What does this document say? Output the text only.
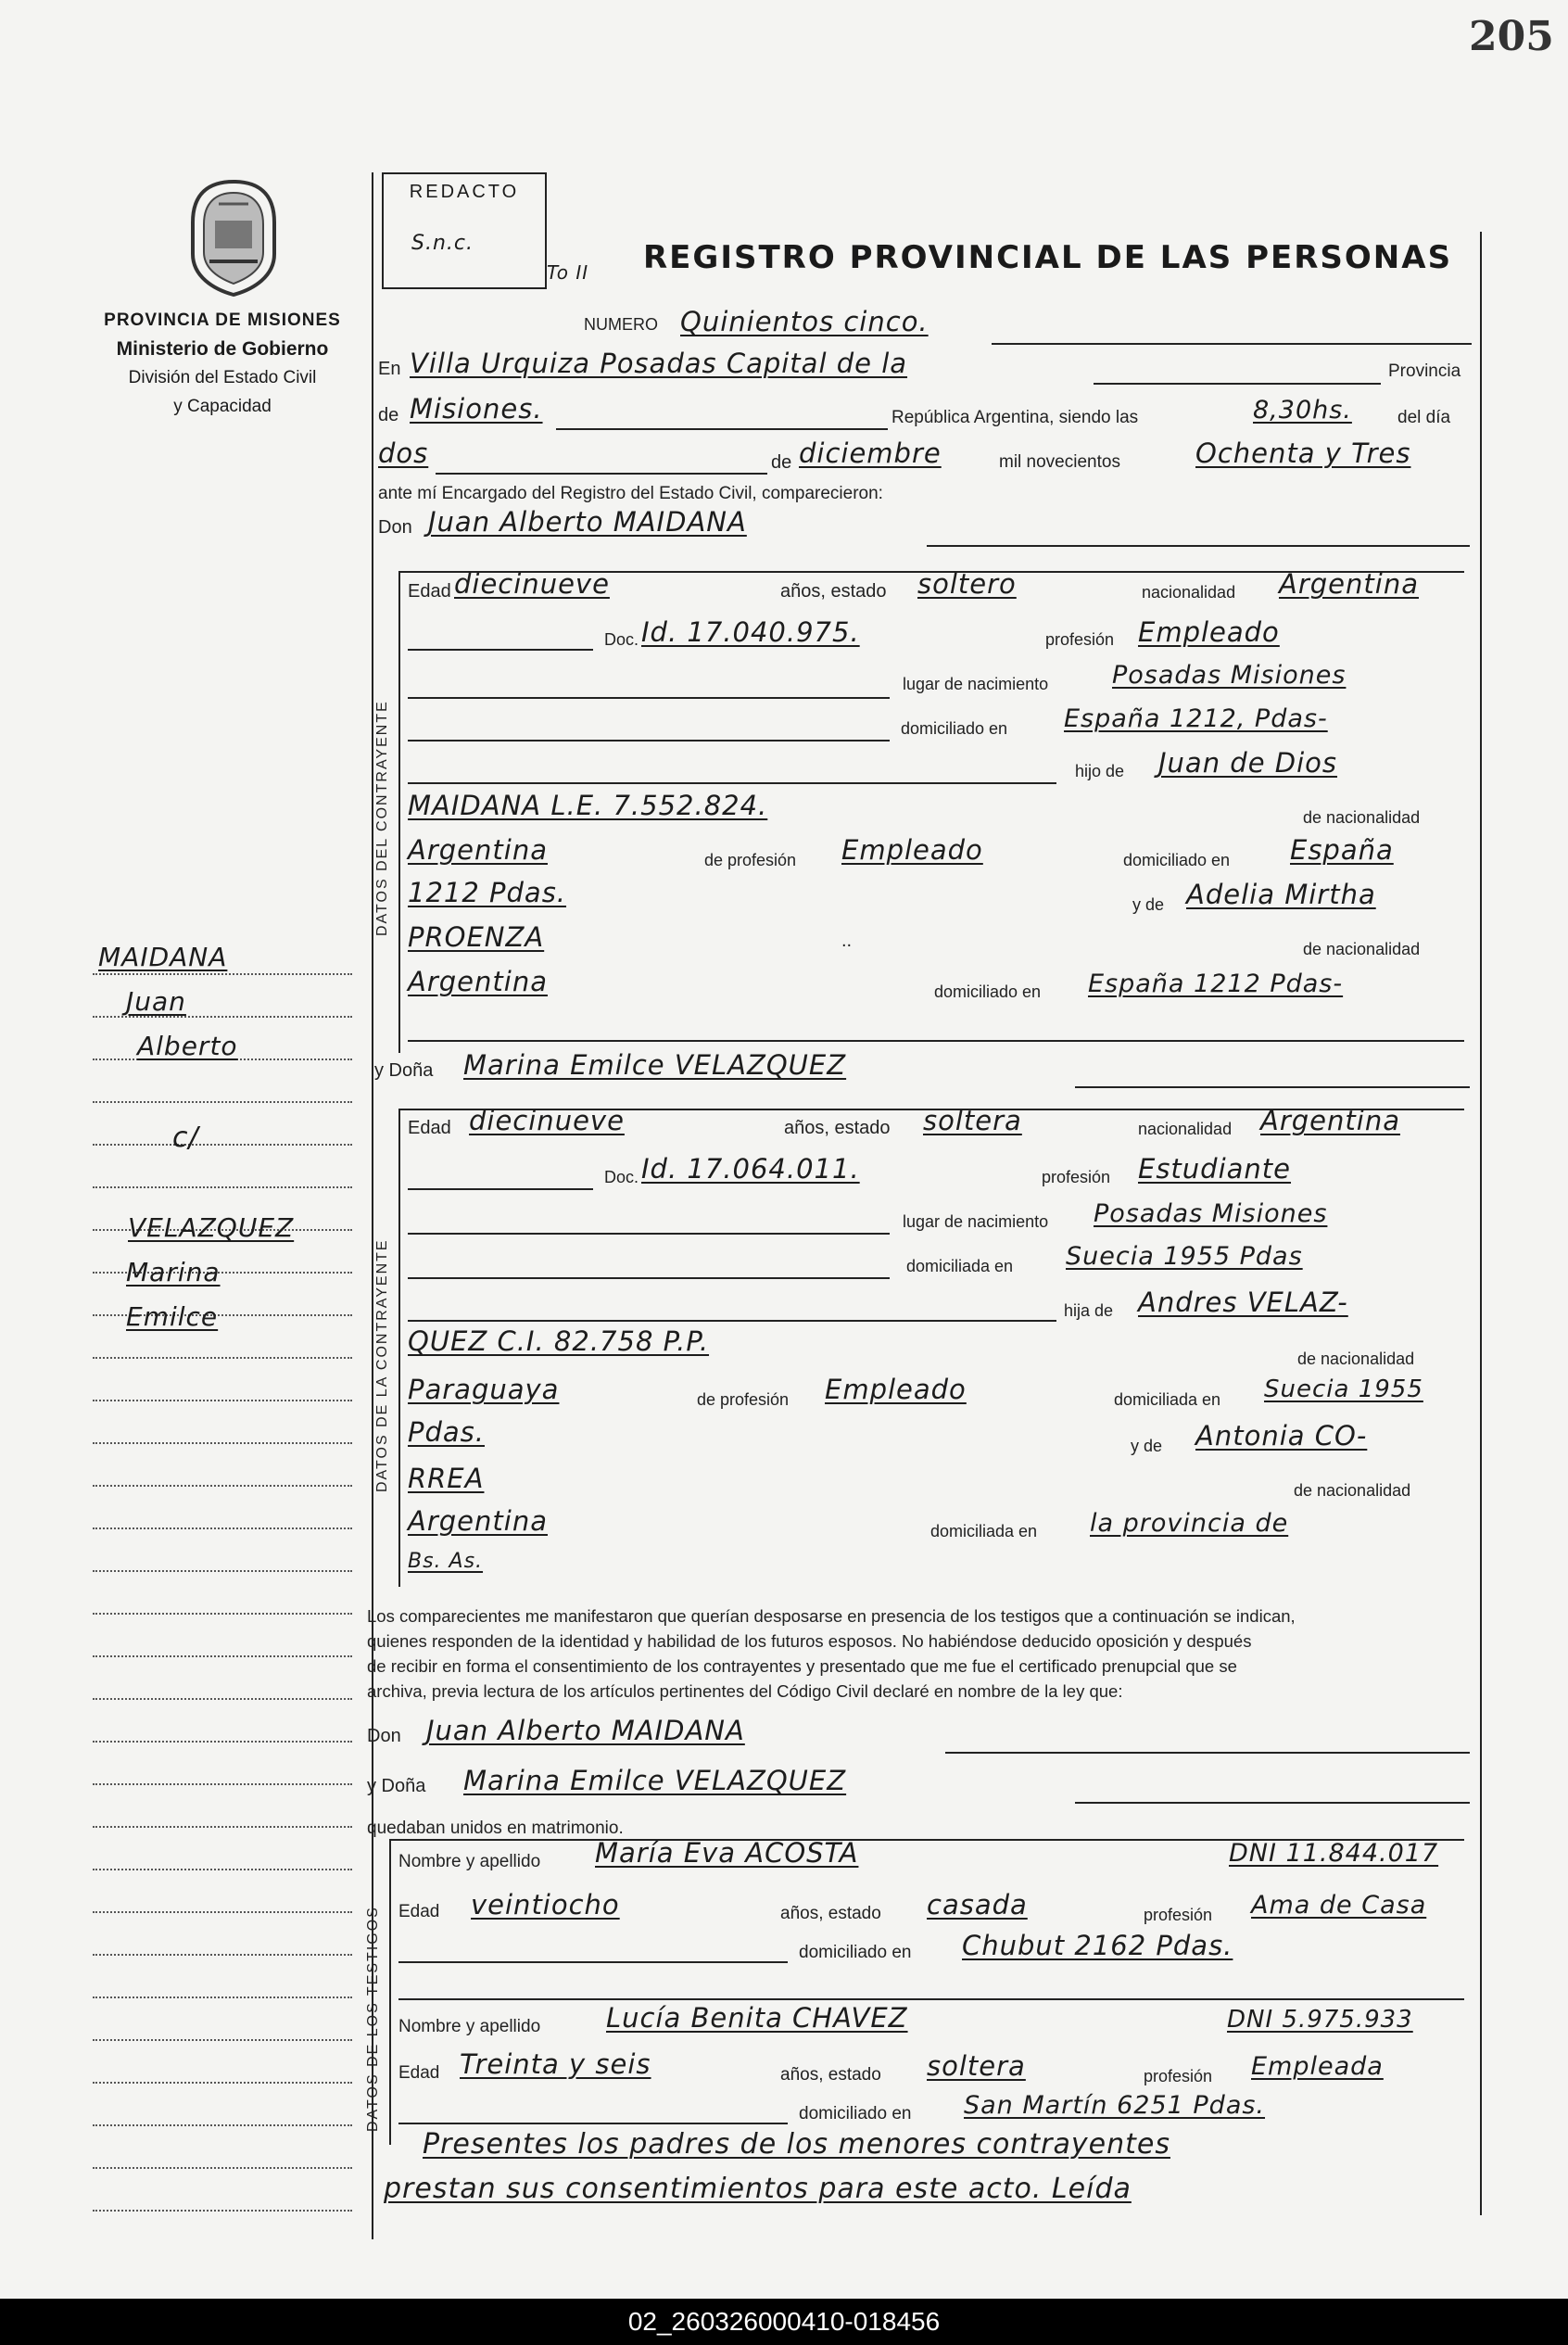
205
PROVINCIA DE MISIONES
Ministerio de Gobierno
División del Estado Civil
y Capacidad
MAIDANA
Juan
Alberto
c/
VELAZQUEZ
Marina
Emilce
REDACTO
S.n.c.
To II REGISTRO PROVINCIAL DE LAS PERSONAS
NUMERO Quinientos cinco.
En Villa Urquiza Posadas Capital de la	Provincia
de Misiones.	República Argentina, siendo las	8,30hs.	del día
dos	de diciembre	mil novecientos	Ochenta y Tres
ante mí Encargado del Registro del Estado Civil, comparecieron:
Don Juan Alberto MAIDANA
DATOS DEL CONTRAYENTE
Edad diecinueve	años, estado soltero	nacionalidad Argentina
Doc. Id. 17.040.975.	profesión Empleado
lugar de nacimiento	Posadas Misiones
domiciliado en España 1212, Pdas-
hijo de Juan de Dios
MAIDANA L.E. 7.552.824.	de nacionalidad
Argentina	de profesión Empleado	domiciliado en España
1212 Pdas.	y de Adelia Mirtha
PROENZA	..	de nacionalidad
Argentina	domiciliado en España 1212 Pdas-
y Doña Marina Emilce VELAZQUEZ
DATOS DE LA CONTRAYENTE
Edad diecinueve	años, estado soltera	nacionalidad Argentina
Doc. Id. 17.064.011.	profesión Estudiante
lugar de nacimiento Posadas Misiones
domiciliada en Suecia 1955 Pdas
hija de Andres VELAZ-
QUEZ C.I. 82.758 P.P.
de nacionalidad
Paraguaya	de profesión Empleado	domiciliada en Suecia 1955
Pdas.	y de Antonia CO-
RREA	de nacionalidad
Argentina	domiciliada en la provincia de
Bs. As.
Los comparecientes me manifestaron que querían desposarse en presencia de los testigos que a continuación se indican,
quienes responden de la identidad y habilidad de los futuros esposos. No habiéndose deducido oposición y después
de recibir en forma el consentimiento de los contrayentes y presentado que me fue el certificado prenupcial que se
archiva, previa lectura de los artículos pertinentes del Código Civil declaré en nombre de la ley que:
Don Juan Alberto MAIDANA
y Doña Marina Emilce VELAZQUEZ
quedaban unidos en matrimonio.
DATOS DE LOS TESTIGOS
Nombre y apellido María Eva ACOSTA	DNI 11.844.017
Edad veintiocho	años, estado casada	profesión Ama de Casa
domiciliado en Chubut 2162 Pdas.
Nombre y apellido Lucía Benita CHAVEZ	DNI 5.975.933
Edad Treinta y seis	años, estado soltera	profesión Empleada
domiciliado en San Martín 6251 Pdas.
Presentes los padres de los menores contrayentes
prestan sus consentimientos para este acto. Leída
02_260326000410-018456
